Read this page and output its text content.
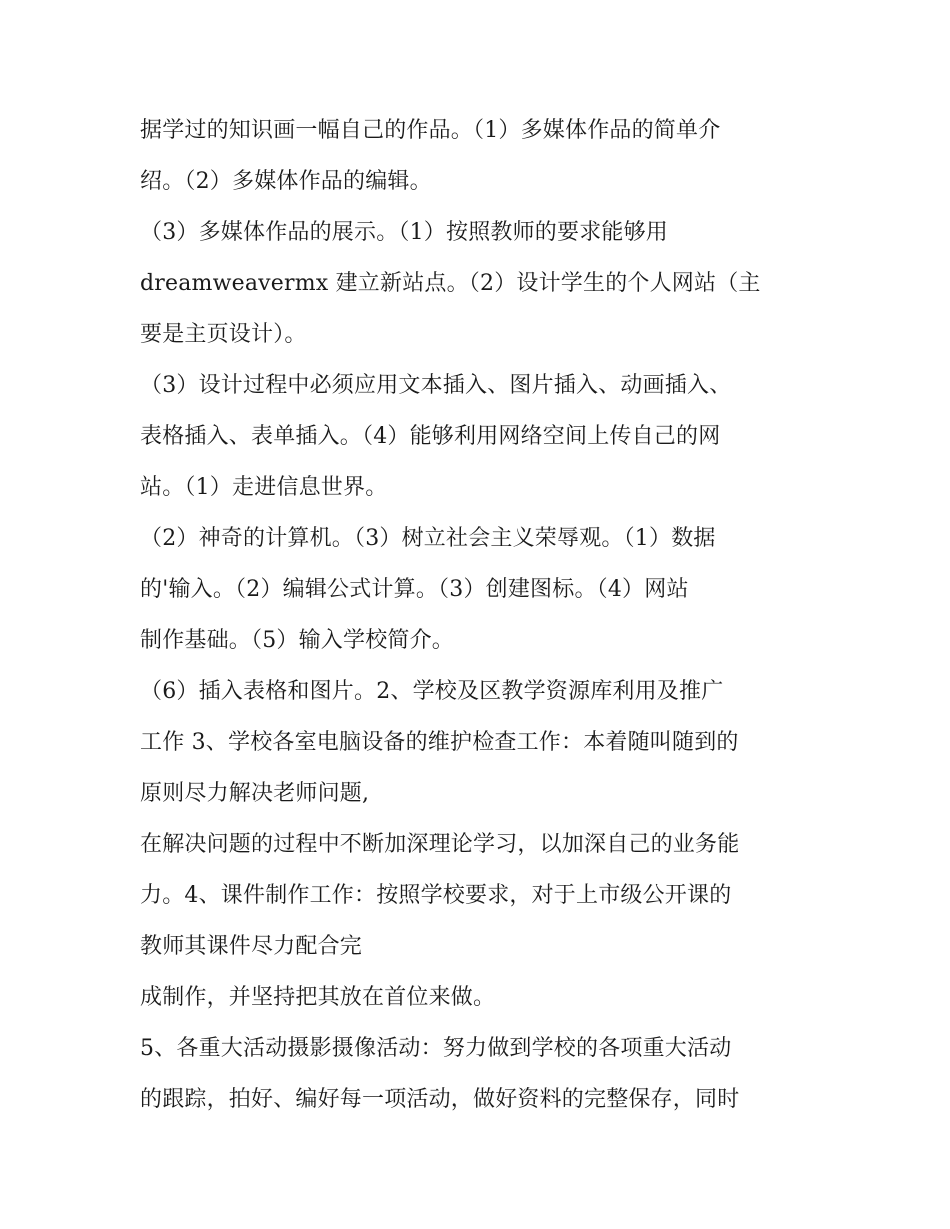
据学过的知识画一幅自己的作品。（1）多媒体作品的简单介
绍。（2）多媒体作品的编辑。
（3）多媒体作品的展示。（1）按照教师的要求能够用
dreamweavermx 建立新站点。（2）设计学生的个人网站（主
要是主页设计）。
（3）设计过程中必须应用文本插入、图片插入、动画插入、
表格插入、表单插入。（4）能够利用网络空间上传自己的网
站。（1）走进信息世界。
（2）神奇的计算机。（3）树立社会主义荣辱观。（1）数据
的'输入。（2）编辑公式计算。（3）创建图标。（4）网站
制作基础。（5）输入学校简介。
（6）插入表格和图片。2、学校及区教学资源库利用及推广
工作 3、学校各室电脑设备的维护检查工作：本着随叫随到的
原则尽力解决老师问题,
在解决问题的过程中不断加深理论学习，以加深自己的业务能
力。4、课件制作工作：按照学校要求，对于上市级公开课的
教师其课件尽力配合完
成制作，并坚持把其放在首位来做。
5、各重大活动摄影摄像活动：努力做到学校的各项重大活动
的跟踪，拍好、编好每一项活动，做好资料的完整保存，同时
